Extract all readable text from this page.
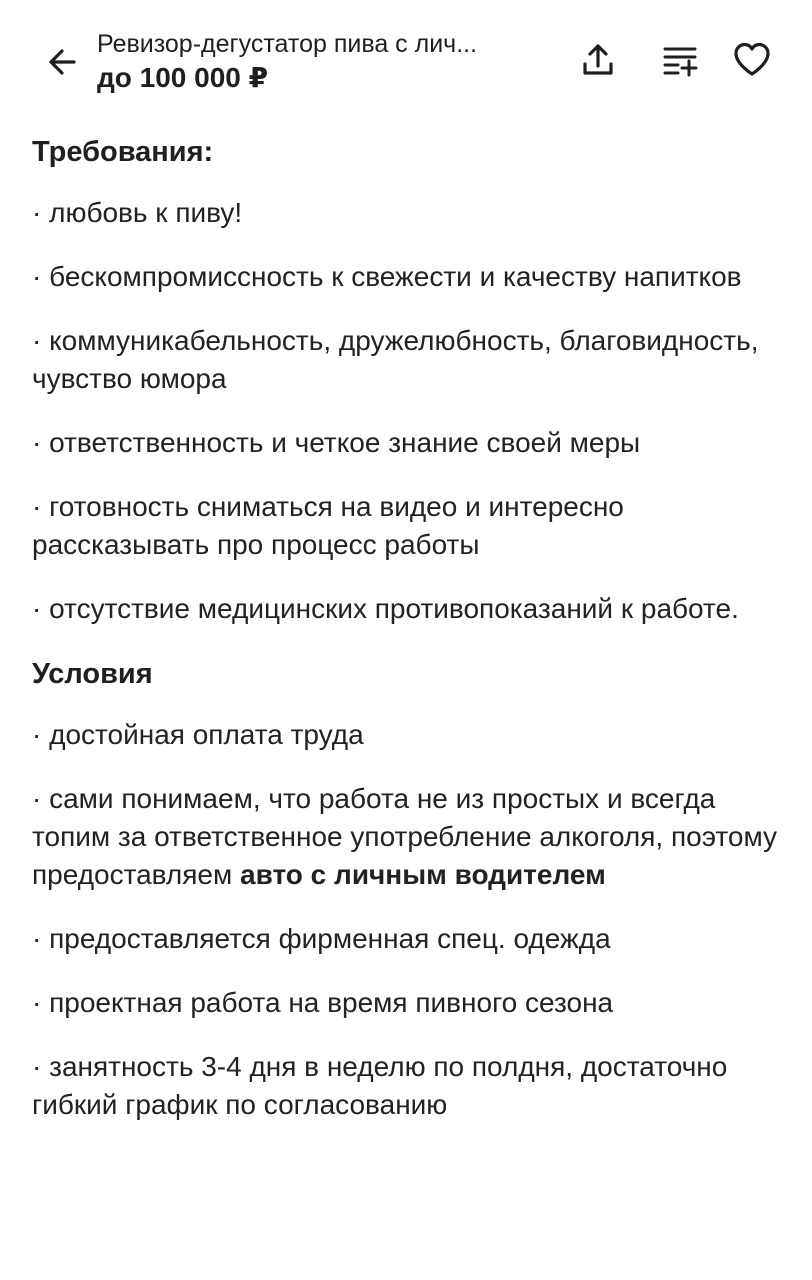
Ревизор-дегустатор пива с лич...
до 100 000 ₽
Требования:

· любовь к пиву!

· бескомпромиссность к свежести и качеству напитков

· коммуникабельность, дружелюбность, благовидность, чувство юмора

· ответственность и четкое знание своей меры

· готовность сниматься на видео и интересно рассказывать про процесс работы

· отсутствие медицинских противопоказаний к работе.

Условия

· достойная оплата труда

· сами понимаем, что работа не из простых и всегда топим за ответственное употребление алкоголя, поэтому предоставляем авто с личным водителем

· предоставляется фирменная спец. одежда

· проектная работа на время пивного сезона

· занятность 3-4 дня в неделю по полдня, достаточно гибкий график по согласованию
